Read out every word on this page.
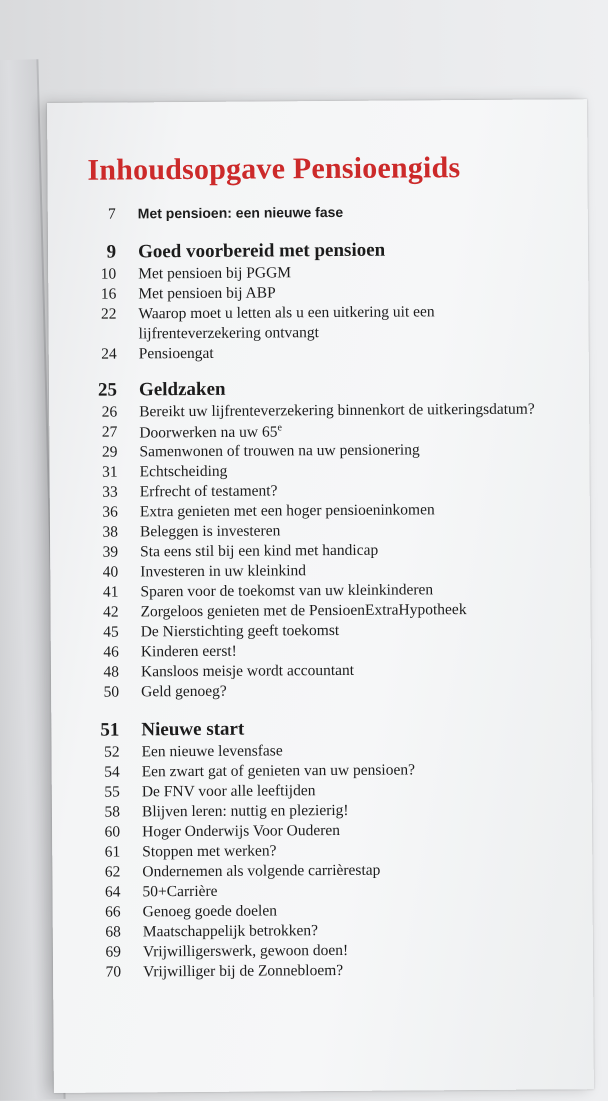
Inhoudsopgave Pensioengids
7 Met pensioen: een nieuwe fase
9 Goed voorbereid met pensioen
10 Met pensioen bij PGGM
16 Met pensioen bij ABP
22 Waarop moet u letten als u een uitkering uit een
lijfrenteverzekering ontvangt
24 Pensioengat
25 Geldzaken
26 Bereikt uw lijfrenteverzekering binnenkort de uitkeringsdatum?
27 Doorwerken na uw 65e
29 Samenwonen of trouwen na uw pensionering
31 Echtscheiding
33 Erfrecht of testament?
36 Extra genieten met een hoger pensioeninkomen
38 Beleggen is investeren
39 Sta eens stil bij een kind met handicap
40 Investeren in uw kleinkind
41 Sparen voor de toekomst van uw kleinkinderen
42 Zorgeloos genieten met de PensioenExtraHypotheek
45 De Nierstichting geeft toekomst
46 Kinderen eerst!
48 Kansloos meisje wordt accountant
50 Geld genoeg?
51 Nieuwe start
52 Een nieuwe levensfase
54 Een zwart gat of genieten van uw pensioen?
55 De FNV voor alle leeftijden
58 Blijven leren: nuttig en plezierig!
60 Hoger Onderwijs Voor Ouderen
61 Stoppen met werken?
62 Ondernemen als volgende carrièrestap
64 50+Carrière
66 Genoeg goede doelen
68 Maatschappelijk betrokken?
69 Vrijwilligerswerk, gewoon doen!
70 Vrijwilliger bij de Zonnebloem?
